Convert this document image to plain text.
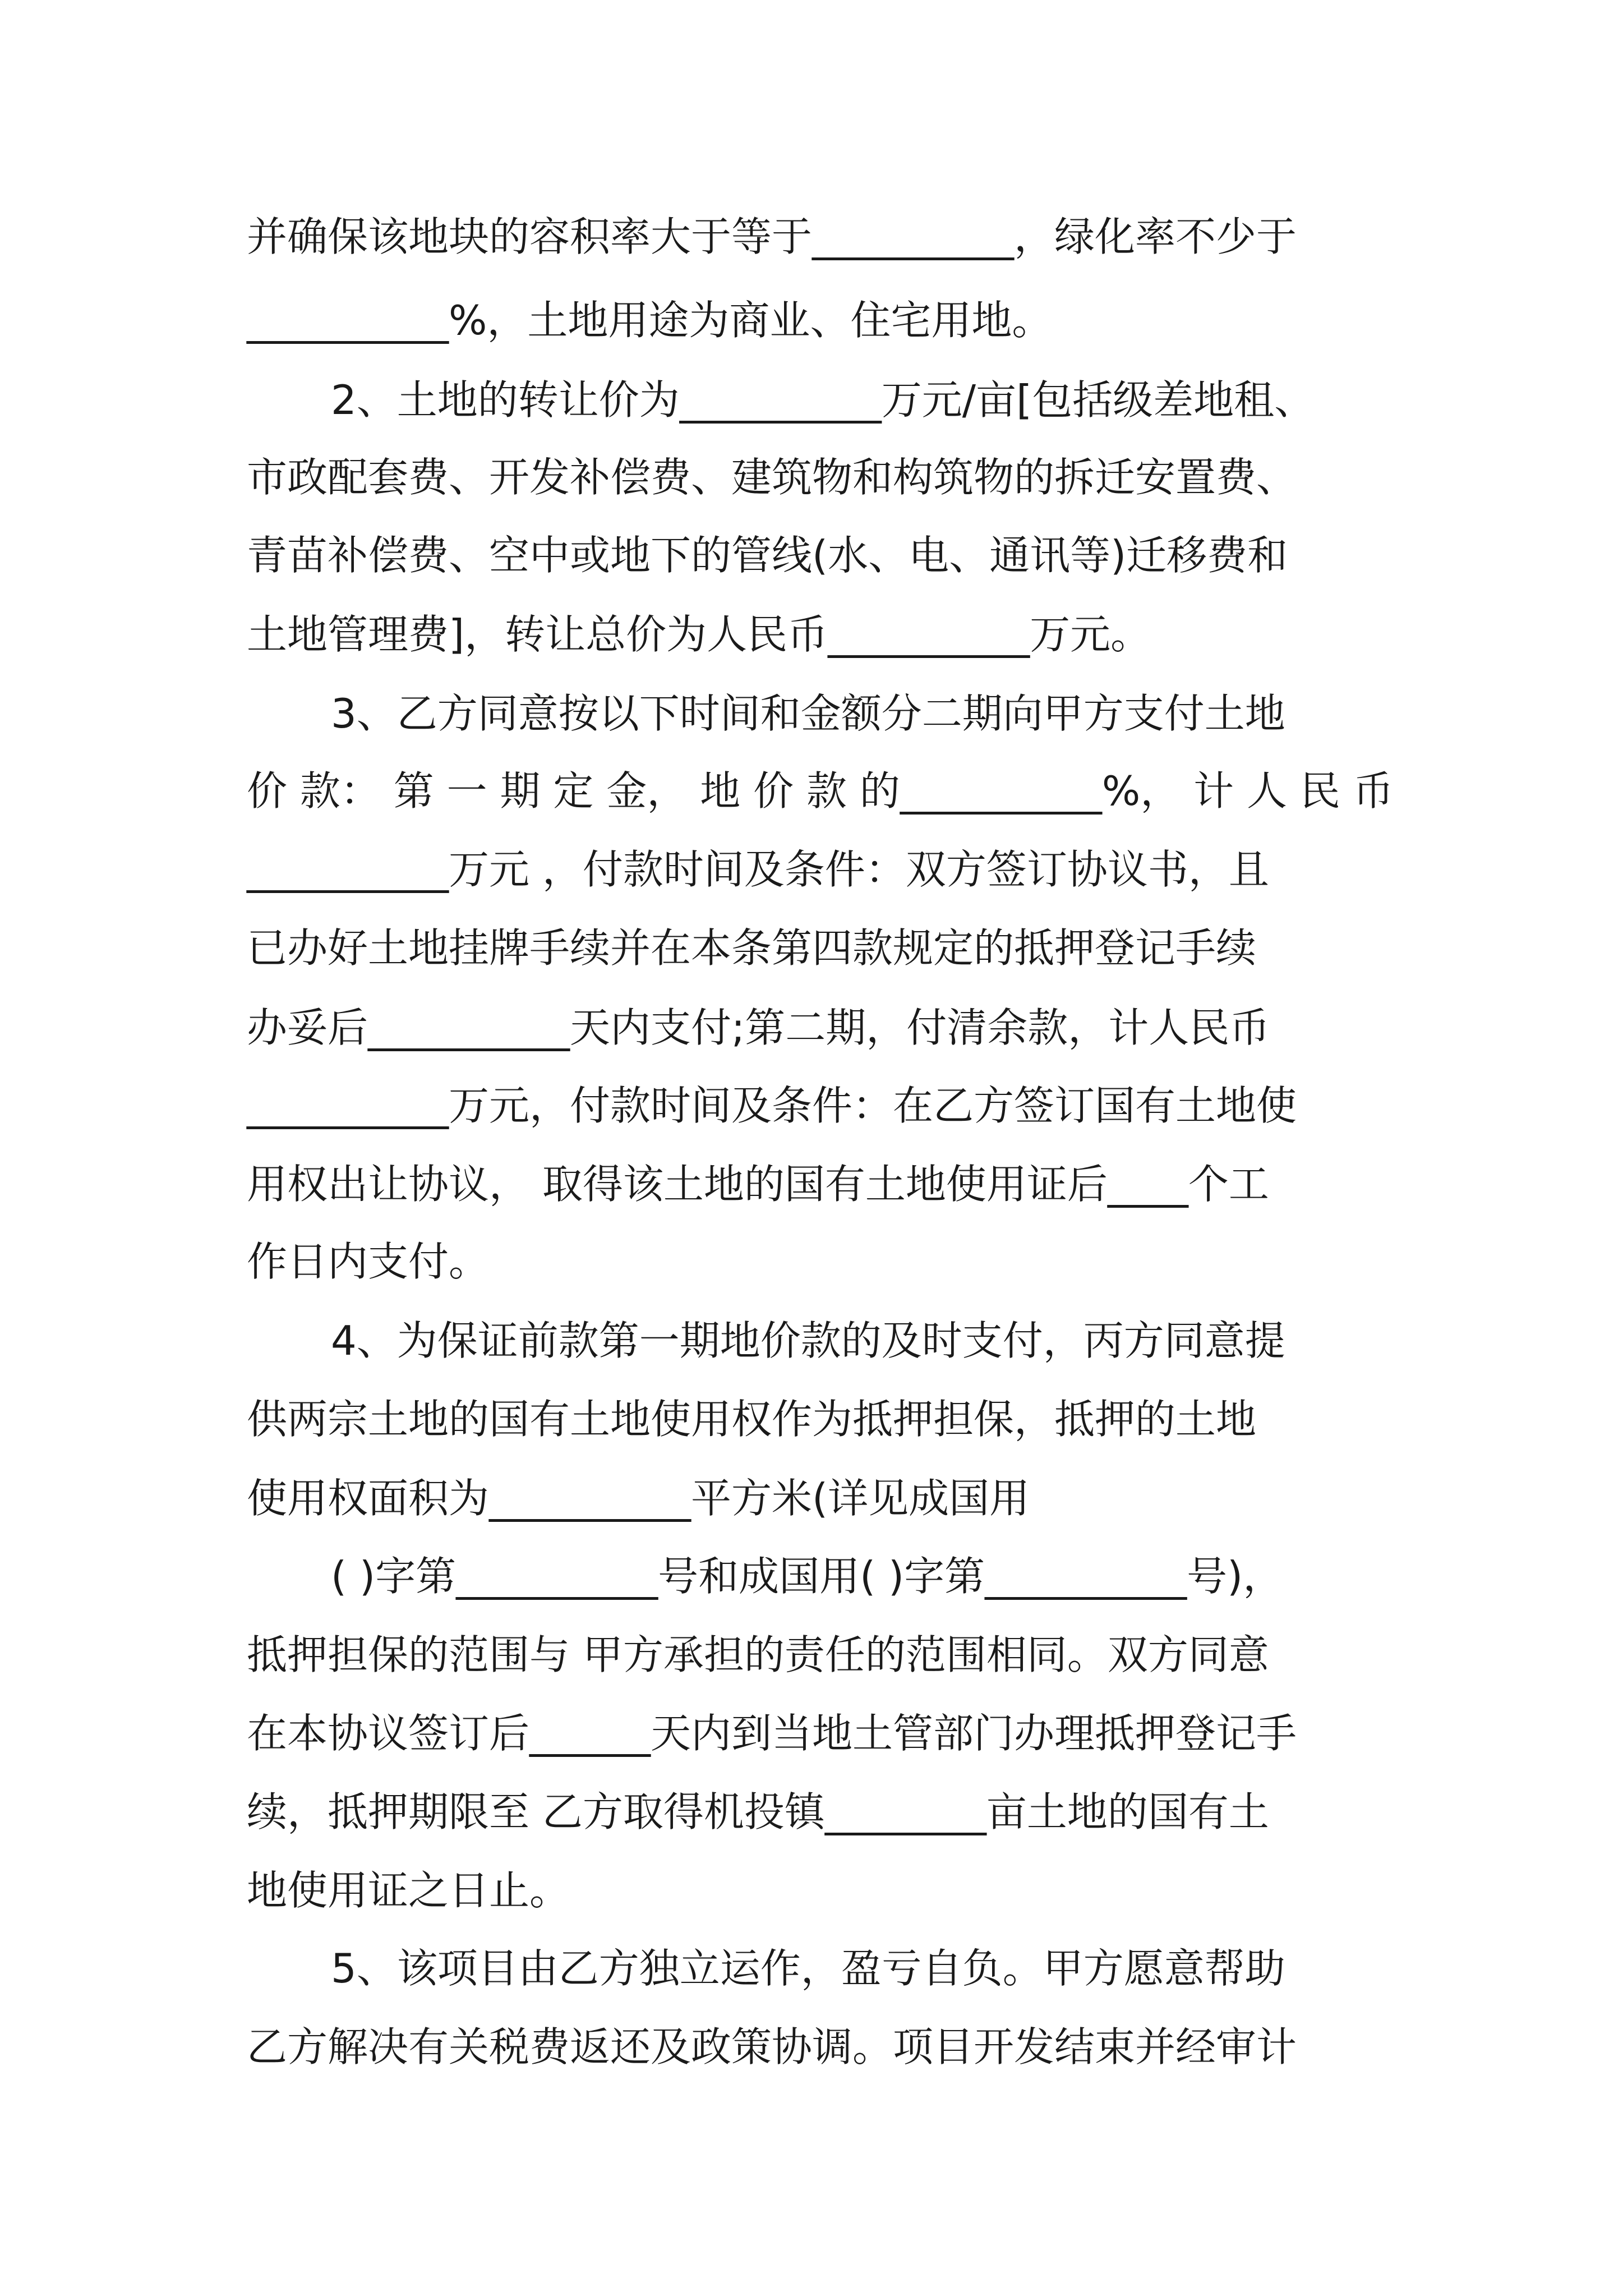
并确保该地块的容积率大于等于__________，绿化率不少于
__________%，土地用途为商业、住宅用地。
2、土地的转让价为__________万元/亩[包括级差地租、
市政配套费、开发补偿费、建筑物和构筑物的拆迁安置费、
青苗补偿费、空中或地下的管线(水、电、通讯等)迁移费和
土地管理费]，转让总价为人民币__________万元。
3、乙方同意按以下时间和金额分二期向甲方支付土地
价 款： 第 一 期 定 金， 地 价 款 的__________%， 计 人 民 币
__________万元 ，付款时间及条件：双方签订协议书，且
已办好土地挂牌手续并在本条第四款规定的抵押登记手续
办妥后__________天内支付;第二期，付清余款，计人民币
__________万元，付款时间及条件：在乙方签订国有土地使
用权出让协议， 取得该土地的国有土地使用证后____个工
作日内支付。
4、为保证前款第一期地价款的及时支付，丙方同意提
供两宗土地的国有土地使用权作为抵押担保，抵押的土地
使用权面积为__________平方米(详见成国用
( )字第__________号和成国用( )字第__________号)，
抵押担保的范围与 甲方承担的责任的范围相同。双方同意
在本协议签订后______天内到当地土管部门办理抵押登记手
续，抵押期限至 乙方取得机投镇________亩土地的国有土
地使用证之日止。
5、该项目由乙方独立运作，盈亏自负。甲方愿意帮助
乙方解决有关税费返还及政策协调。项目开发结束并经审计
